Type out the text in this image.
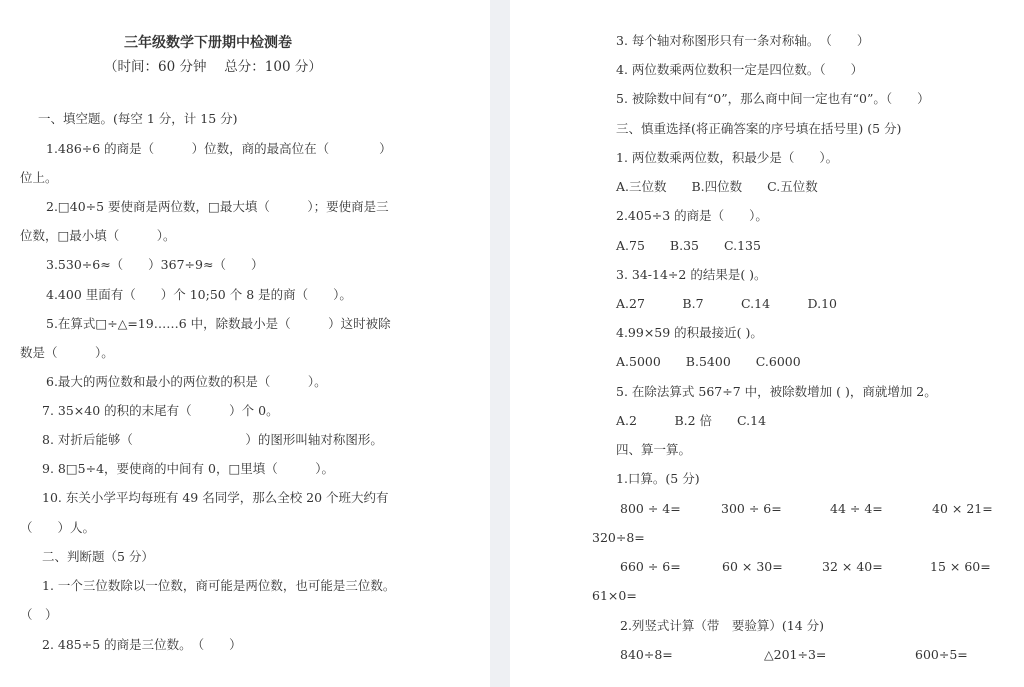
三年级数学下册期中检测卷
（时间：60 分钟　 总分：100 分）
一、填空题。(每空 1 分，计 15 分)
1.486÷6 的商是（　　　）位数，商的最高位在（　　　　）
位上。
2.□40÷5 要使商是两位数，□最大填（　　　）；要使商是三
位数，□最小填（　　　）。
3.530÷6≈（　　）367÷9≈（　　）
4.400 里面有（　　）个 10;50 个 8 是的商（　　）。
5.在算式□÷△=19……6 中，除数最小是（　　　）这时被除
数是（　　　）。
6.最大的两位数和最小的两位数的积是（　　　）。
7. 35×40 的积的末尾有（　　　）个 0。
8. 对折后能够（　　　　　　　　　）的图形叫轴对称图形。
9. 8□5÷4，要使商的中间有 0，□里填（　　　）。
10. 东关小学平均每班有 49 名同学，那么全校 20 个班大约有
（　　）人。
二、判断题（5 分）
1. 一个三位数除以一位数，商可能是两位数，也可能是三位数。
（　）
2. 485÷5 的商是三位数。　（　　）
3. 每个轴对称图形只有一条对称轴。　（　　）
4. 两位数乘两位数积一定是四位数。（　　）
5. 被除数中间有“0”，那么商中间一定也有“0”。（　　）
三、慎重选择(将正确答案的序号填在括号里) (5 分)
1. 两位数乘两位数，积最少是（　　）。
A.三位数　　B.四位数　　C.五位数
2.405÷3 的商是（　　）。
A.75　　B.35　　C.135
3. 34-14÷2 的结果是( )。
A.27　　　B.7　　　C.14　　　D.10
4.99×59 的积最接近( )。
A.5000　　B.5400　　C.6000
5. 在除法算式 567÷7 中，被除数增加 ( )，商就增加 2。
A.2　　　B.2 倍　　C.14
四、算一算。
1.口算。(5 分)
800 ÷ 4=	300 ÷ 6=	44 ÷ 4=	40 × 21=
320÷8=
660 ÷ 6=	60 × 30=	32 × 40=	15 × 60=
61×0=
2.列竖式计算（带　要验算）(14 分)
840÷8=	△201÷3=	600÷5=
